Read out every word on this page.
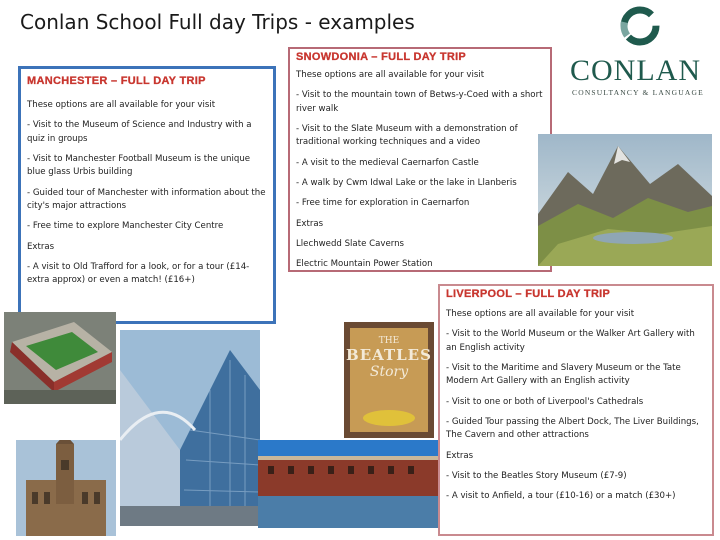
Conlan School Full day Trips - examples
CONLAN
CONSULTANCY & LANGUAGE
SNOWDONIA – FULL DAY TRIP

These options are all available for your visit

- Visit to the mountain town of Betws-y-Coed with a short river walk

- Visit to the Slate Museum with a demonstration of traditional working techniques and a video

- A visit to the medieval Caernarfon Castle

- A walk by Cwm Idwal Lake or the lake in Llanberis

- Free time for exploration in Caernarfon

Extras

Llechwedd Slate Caverns

Electric Mountain Power Station

MANCHESTER – FULL DAY TRIP

These options are all available for your visit

- Visit to the Museum of Science and Industry with a quiz in groups

- Visit to Manchester Football Museum is the unique blue glass Urbis building

- Guided tour of Manchester with information about the city's major attractions

- Free time to explore Manchester City Centre

Extras

- A visit to Old Trafford for a look, or for a tour (£14- extra approx) or even a match! (£16+)

THE
BEATLES
Story
LIVERPOOL – FULL DAY TRIP

These options are all available for your visit

- Visit to the World Museum or the Walker Art Gallery with an English activity

- Visit to the Maritime and Slavery Museum or the Tate Modern Art Gallery with an English activity

- Visit to one or both of Liverpool's Cathedrals

- Guided Tour passing the Albert Dock, The Liver Buildings, The Cavern and other attractions

Extras

- Visit to the Beatles Story Museum (£7-9)

- A visit to Anfield, a tour (£10-16) or a match (£30+)
